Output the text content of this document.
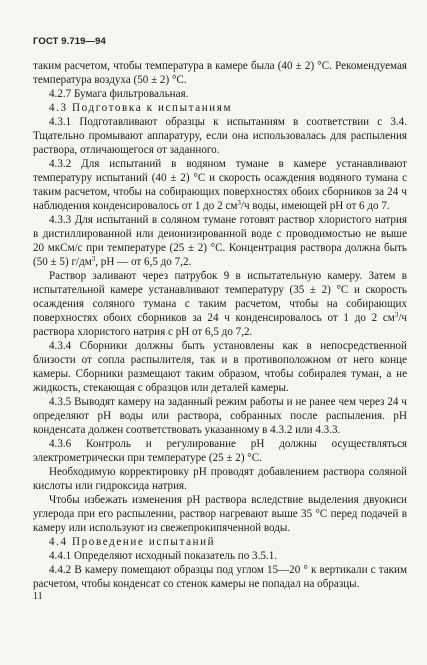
ГОСТ 9.719—94

таким расчетом, чтобы температура в камере была (40 ± 2) °С. Рекомендуемая температура воздуха (50 ± 2) °С.

4.2.7 Бумага фильтровальная.

4.3 Подготовка к испытаниям

4.3.1 Подготавливают образцы к испытаниям в соответствии с 3.4. Тщательно промывают аппаратуру, если она использовалась для распыления раствора, отличающегося от заданного.

4.3.2 Для испытаний в водяном тумане в камере устанавливают температуру испытаний (40 ± 2) °С и скорость осаждения водяного тумана с таким расчетом, чтобы на собирающих поверхностях обоих сборников за 24 ч наблюдения конденсировалось от 1 до 2 $см^3/ч$ воды, имеющей pH от 6 до 7.

4.3.3 Для испытаний в соляном тумане готовят раствор хлористого натрия в дистиллированной или деионизированной воде с проводимостью не выше 20 мкСм/с при температуре (25 ± 2) °С. Концентрация раствора должна быть (50 ± 5) $г/дм^3$, pH — от 6,5 до 7,2.

Раствор заливают через патрубок 9 в испытательную камеру. Затем в испытательной камере устанавливают температуру (35 ± 2) °С и скорость осаждения соляного тумана с таким расчетом, чтобы на собирающих поверхностях обоих сборников за 24 ч конденсировалось от 1 до 2 $см^3/ч$ раствора хлористого натрия с pH от 6,5 до 7,2.

4.3.4 Сборники должны быть установлены как в непосредственной близости от сопла распылителя, так и в противоположном от него конце камеры. Сборники размещают таким образом, чтобы собиралея туман, а не жидкость, стекающая с образцов или деталей камеры.

4.3.5 Выводят камеру на заданный режим работы и не ранее чем через 24 ч определяют pH воды или раствора, собранных после распыления. pH конденсата должен соответствовать указанному в 4.3.2 или 4.3.3.

4.3.6 Контроль и регулирование pH должны осуществляться электрометрически при температуре (25 ± 2) °С.

Необходимую корректировку pH проводят добавлением раствора соляной кислоты или гидроксида натрия.

Чтобы избежать изменения pH раствора вследствие выделения двуокиси углерода при его распылении, раствор нагревают выше 35 °С перед подачей в камеру или используют из свежепрокипяченной воды.

4.4 Проведение испытаний

4.4.1 Определяют исходный показатель по 3.5.1.

4.4.2 В камеру помещают образцы под углом 15—20 ° к вертикали с таким расчетом, чтобы конденсат со стенок камеры не попадал на образцы.

11
